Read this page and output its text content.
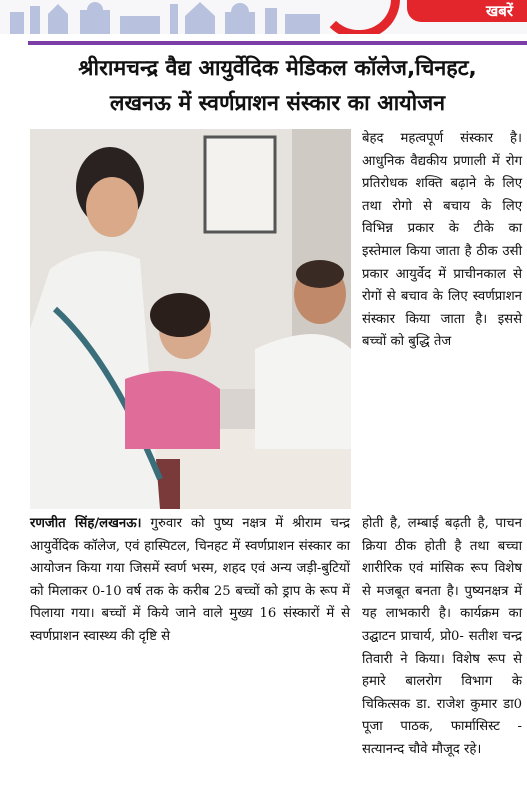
खबरें
श्रीरामचन्द्र वैद्य आयुर्वेदिक मेडिकल कॉलेज,चिनहट,
लखनऊ में स्वर्णप्राशन संस्कार का आयोजन

बेहद महत्वपूर्ण संस्कार है। आधुनिक वैद्यकीय प्रणाली में रोग प्रतिरोधक शक्ति बढ़ाने के लिए तथा रोगो से बचाय के लिए विभिन्न प्रकार के टीके का इस्तेमाल किया जाता है ठीक उसी प्रकार आयुर्वेद में प्राचीनकाल से रोगों से बचाव के लिए स्वर्णप्राशन संस्कार किया जाता है। इससे बच्चों को बुद्धि तेज

रणजीत सिंह/लखनऊ। गुरुवार को पुष्य नक्षत्र में श्रीराम चन्द्र आयुर्वेदिक कॉलेज, एवं हास्पिटल, चिनहट में स्वर्णप्राशन संस्कार का आयोजन किया गया जिसमें स्वर्ण भस्म, शहद एवं अन्य जड़ी-बुटियों को मिलाकर 0-10 वर्ष तक के करीब 25 बच्चों को ड्राप के रूप में पिलाया गया। बच्चों में किये जाने वाले मुख्य 16 संस्कारों में से स्वर्णप्राशन स्वास्थ्य की दृष्टि से

होती है, लम्बाई बढ़ती है, पाचन क्रिया ठीक होती है तथा बच्चा शारीरिक एवं मांसिक रूप विशेष से मजबूत बनता है। पुष्यनक्षत्र में यह लाभकारी है। कार्यक्रम का उद्घाटन प्राचार्य, प्रो0- सतीश चन्द्र तिवारी ने किया। विशेष रूप से हमारे बालरोग विभाग के चिकित्सक डा. राजेश कुमार डा0 पूजा पाठक, फार्मासिस्ट - सत्यानन्द चौवे मौजूद रहे।
